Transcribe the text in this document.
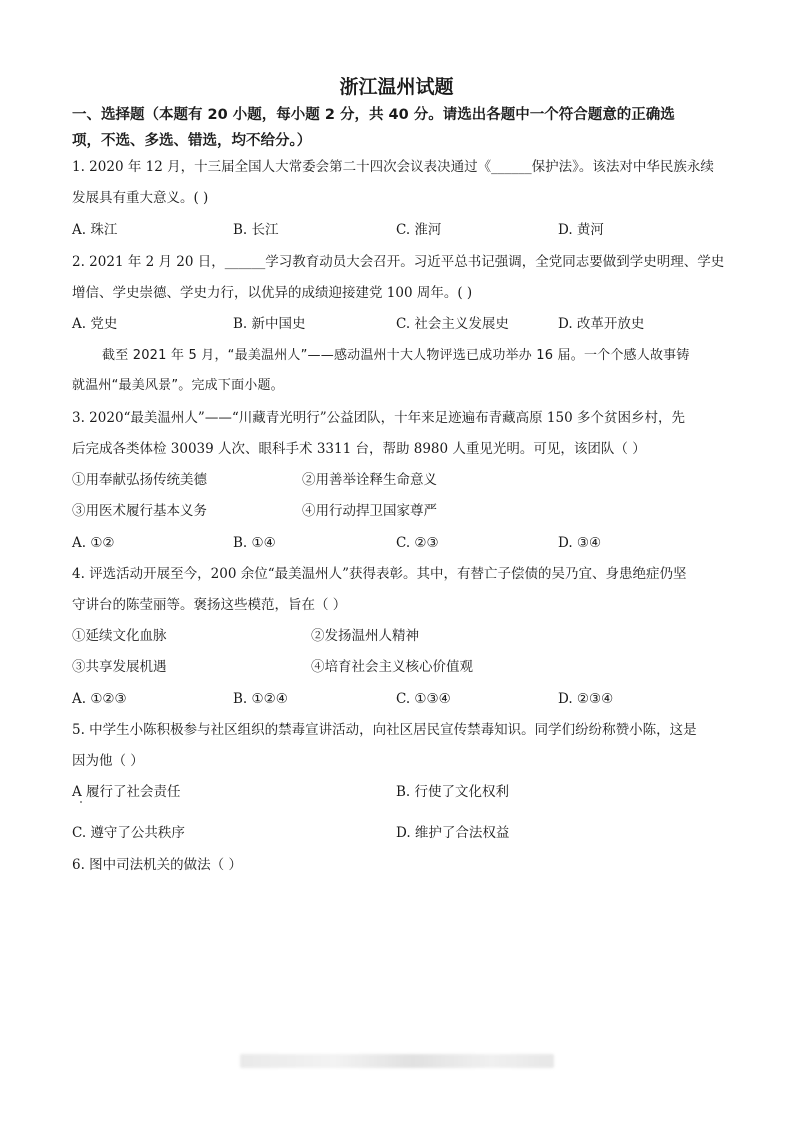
浙江温州试题
一、选择题（本题有 20 小题，每小题 2 分，共 40 分。请选出各题中一个符合题意的正确选
项，不选、多选、错选，均不给分。）
1. 2020 年 12 月，十三届全国人大常委会第二十四次会议表决通过《______保护法》。该法对中华民族永续
发展具有重大意义。( )
A. 珠江	B. 长江	C. 淮河	D. 黄河
2. 2021 年 2 月 20 日，______学习教育动员大会召开。习近平总书记强调，全党同志要做到学史明理、学史
增信、学史崇德、学史力行，以优异的成绩迎接建党 100 周年。( )
A. 党史	B. 新中国史	C. 社会主义发展史	D. 改革开放史
截至 2021 年 5 月，“最美温州人”——感动温州十大人物评选已成功举办 16 届。一个个感人故事铸
就温州“最美风景”。完成下面小题。
3. 2020“最美温州人”——“川藏青光明行”公益团队，十年来足迹遍布青藏高原 150 多个贫困乡村，先
后完成各类体检 30039 人次、眼科手术 3311 台，帮助 8980 人重见光明。可见，该团队（ ）
①用奉献弘扬传统美德	②用善举诠释生命意义
③用医术履行基本义务	④用行动捍卫国家尊严
A. ①②	B. ①④	C. ②③	D. ③④
4. 评选活动开展至今，200 余位“最美温州人”获得表彰。其中，有替亡子偿债的吴乃宜、身患绝症仍坚
守讲台的陈莹丽等。褒扬这些模范，旨在（ ）
①延续文化血脉	②发扬温州人精神
③共享发展机遇	④培育社会主义核心价值观
A. ①②③	B. ①②④	C. ①③④	D. ②③④
5. 中学生小陈积极参与社区组织的禁毒宣讲活动，向社区居民宣传禁毒知识。同学们纷纷称赞小陈，这是
因为他（ ）
A 履行了社会责任	B. 行使了文化权利
C. 遵守了公共秩序	D. 维护了合法权益
6. 图中司法机关的做法（ ）
